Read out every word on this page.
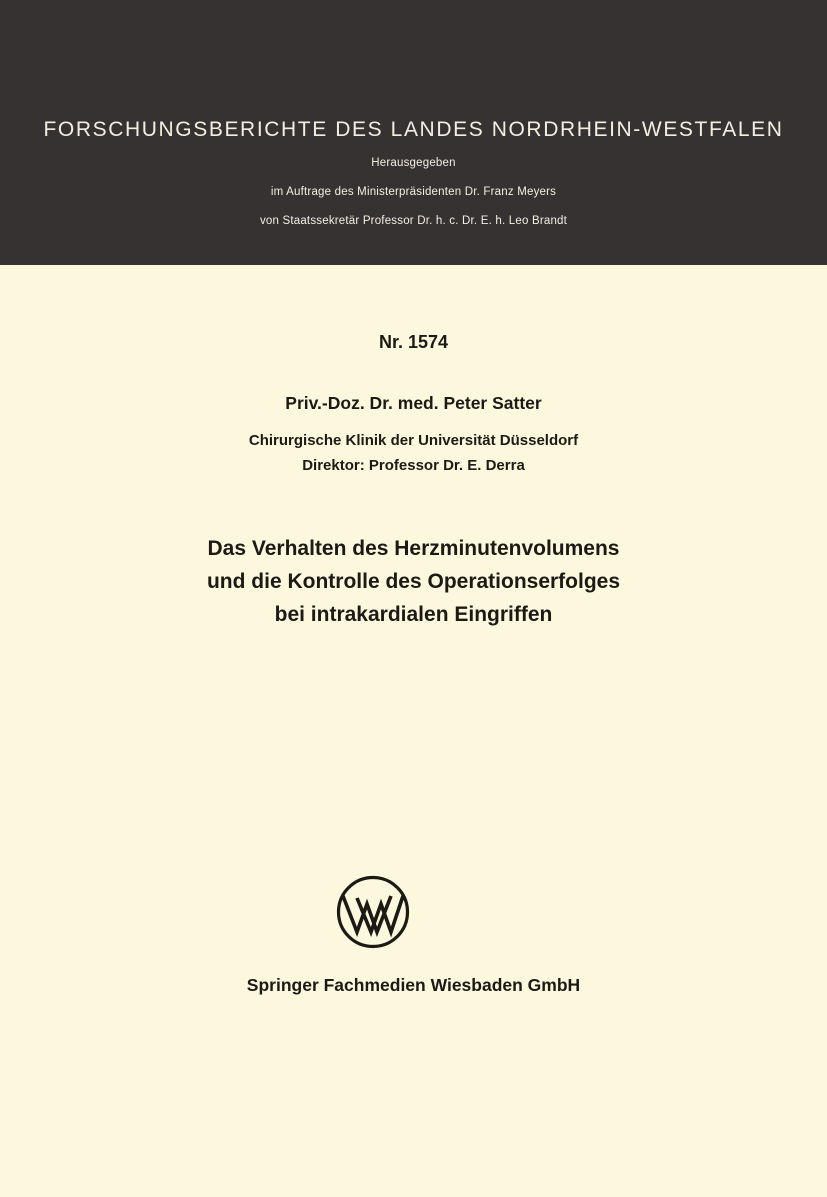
FORSCHUNGSBERICHTE DES LANDES NORDRHEIN-WESTFALEN
Herausgegeben
im Auftrage des Ministerpräsidenten Dr. Franz Meyers
von Staatssekretär Professor Dr. h. c. Dr. E. h. Leo Brandt
Nr. 1574
Priv.-Doz. Dr. med. Peter Satter
Chirurgische Klinik der Universität Düsseldorf
Direktor: Professor Dr. E. Derra
Das Verhalten des Herzminutenvolumens
und die Kontrolle des Operationserfolges
bei intrakardialen Eingriffen
Springer Fachmedien Wiesbaden GmbH
